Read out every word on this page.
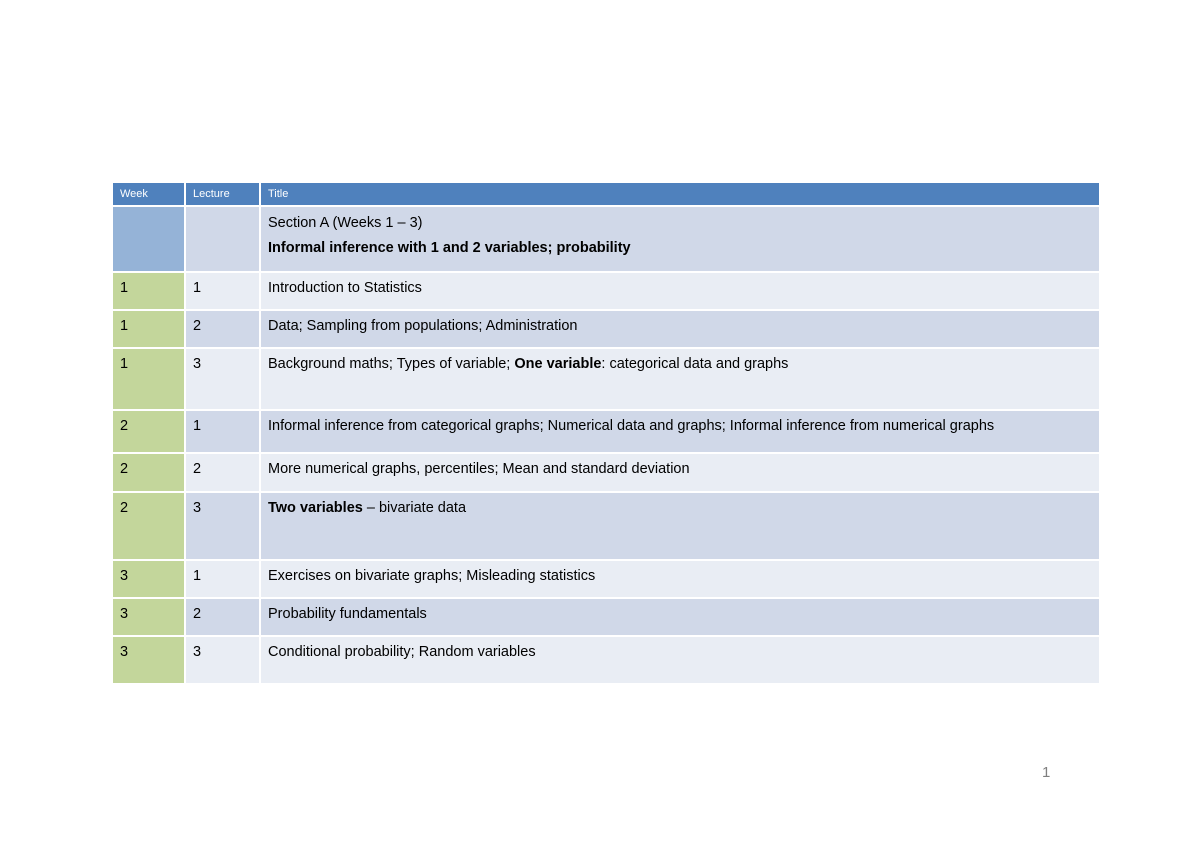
Week	Lecture	Title

		Section A (Weeks 1 – 3)
Informal inference with 1 and 2 variables; probability

1	1	Introduction to Statistics
1	2	Data; Sampling from populations; Administration
1	3	Background maths; Types of variable; One variable: categorical data and graphs
2	1	Informal inference from categorical graphs; Numerical data and graphs; Informal inference from numerical graphs
2	2	More numerical graphs, percentiles; Mean and standard deviation
2	3	Two variables – bivariate data
3	1	Exercises on bivariate graphs; Misleading statistics
3	2	Probability fundamentals
3	3	Conditional probability; Random variables
1
